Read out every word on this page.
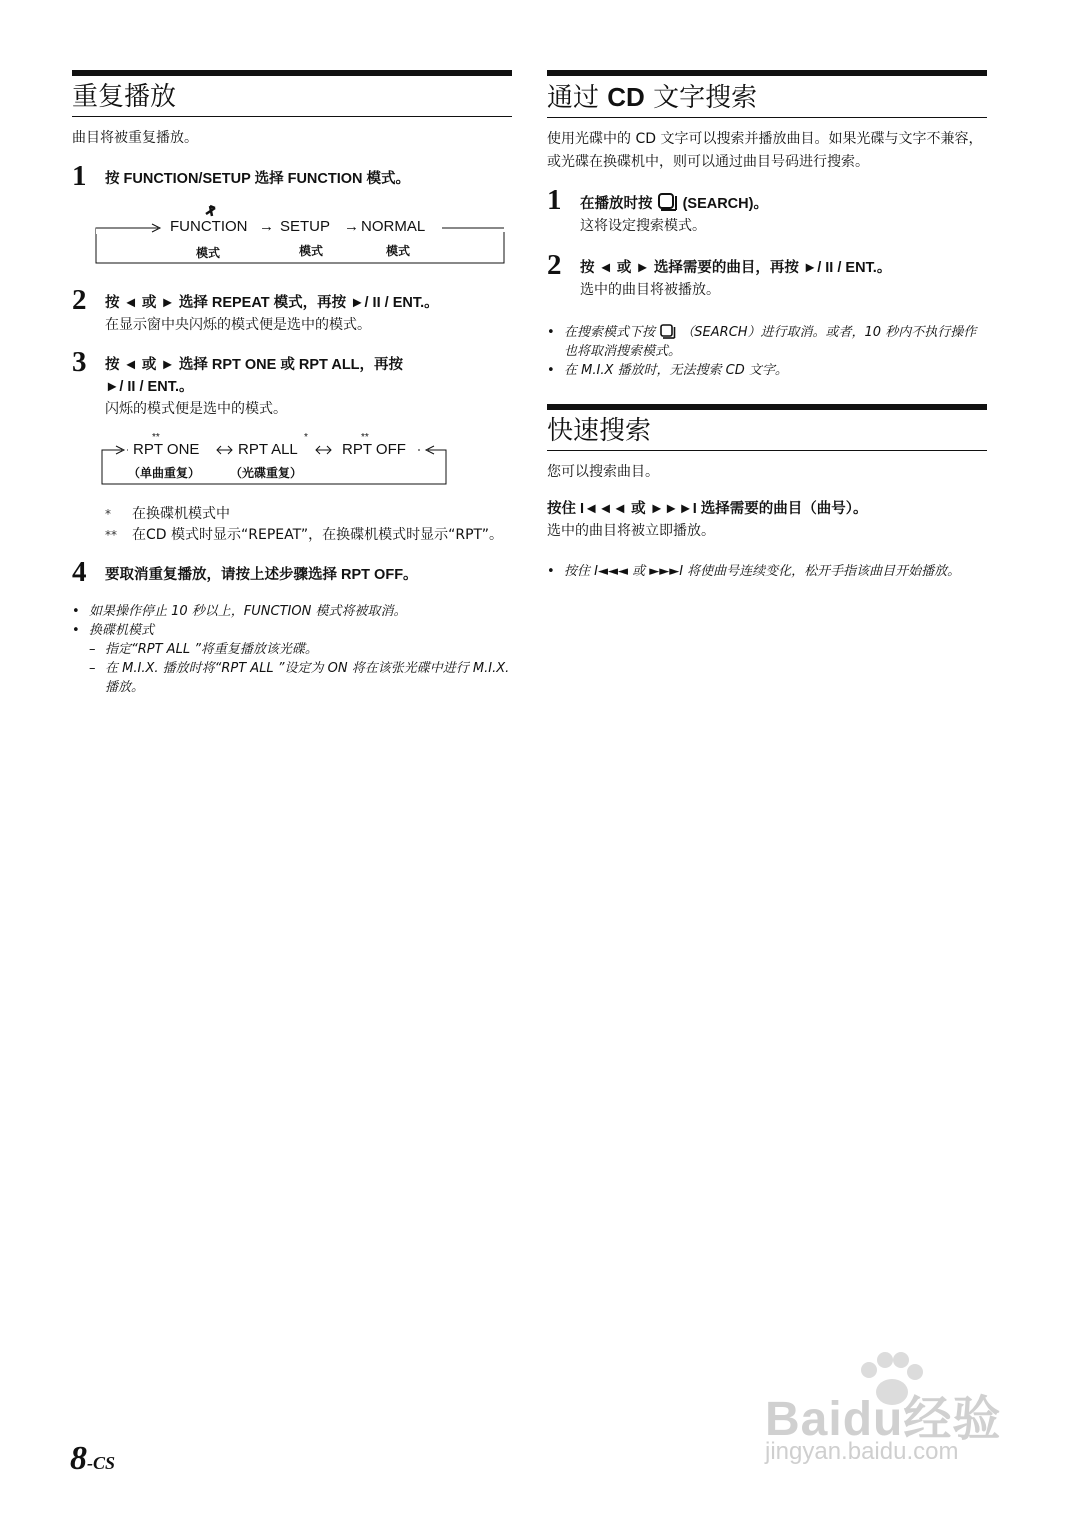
重复播放

曲目将被重复播放。

1 按 FUNCTION/SETUP 选择 FUNCTION 模式。
FUNCTION → SETUP → NORMAL
模式	模式	模式
2 按 ◄ 或 ► 选择 REPEAT 模式，再按 ►/ II / ENT.。
在显示窗中央闪烁的模式便是选中的模式。
3 按 ◄ 或 ► 选择 RPT ONE 或 RPT ALL，再按
►/ II / ENT.。
闪烁的模式便是选中的模式。
RPT ONE
**
RPT ALL
*
RPT OFF
**
（单曲重复） （光碟重复）
* 在换碟机模式中
** 在CD 模式时显示“REPEAT”，在换碟机模式时显示“RPT”。
4 要取消重复播放，请按上述步骤选择 RPT OFF。
• 如果操作停止 10 秒以上，FUNCTION 模式将被取消。
• 换碟机模式
– 指定“RPT ALL ”将重复播放该光碟。
– 在 M.I.X. 播放时将“RPT ALL ”设定为 ON 将在该张光碟中进行 M.I.X. 播放。
通过 CD 文字搜索

使用光碟中的 CD 文字可以搜索并播放曲目。如果光碟与文字不兼容，或光碟在换碟机中，则可以通过曲目号码进行搜索。

1 在播放时按 (SEARCH)。
这将设定搜索模式。
2 按 ◄ 或 ► 选择需要的曲目，再按 ►/ II / ENT.。
选中的曲目将被播放。
• 在搜索模式下按 （SEARCH）进行取消。或者，10 秒内不执行操作也将取消搜索模式。
• 在 M.I.X 播放时，无法搜索 CD 文字。
快速搜索

您可以搜索曲目。

按住 I◄◄◄ 或 ►►►I 选择需要的曲目（曲号）。
选中的曲目将被立即播放。
• 按住 I◄◄◄ 或 ►►►I 将使曲号连续变化，松开手指该曲目开始播放。
8-CS
Baidu经验
jingyan.baidu.com
